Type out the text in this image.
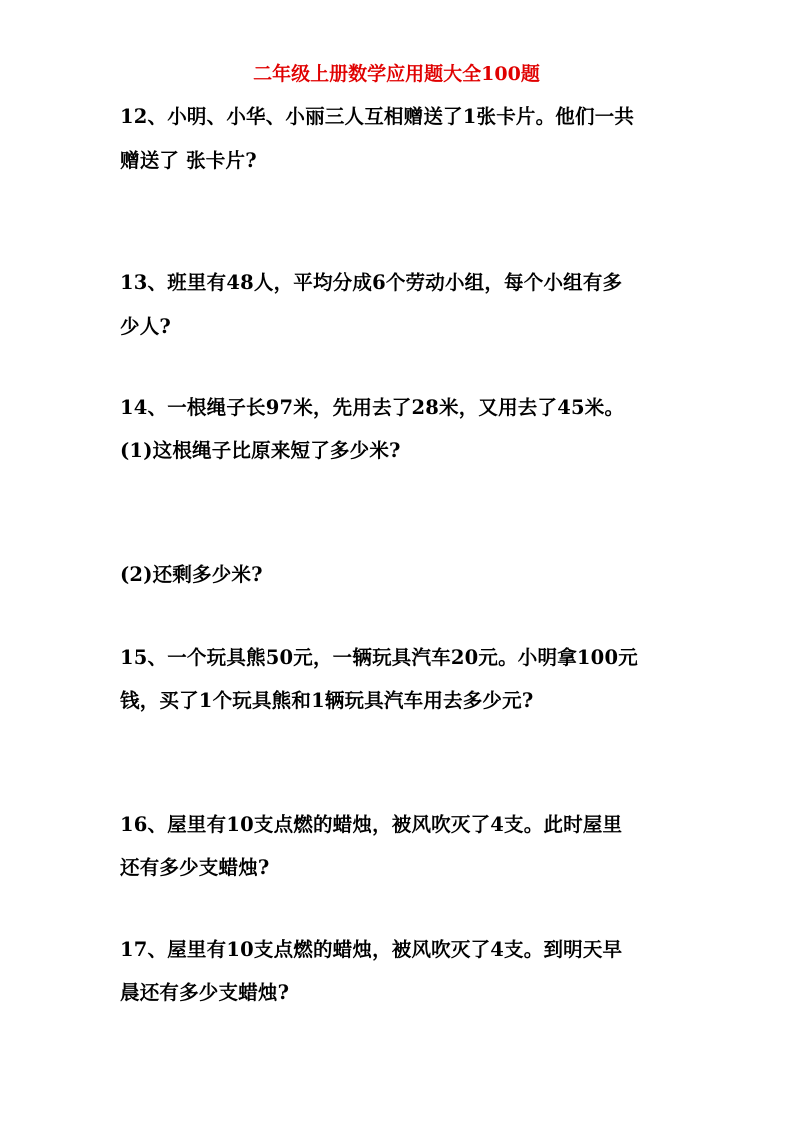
二年级上册数学应用题大全100题
12、小明、小华、小丽三人互相赠送了1张卡片。他们一共
赠送了 张卡片?
13、班里有48人，平均分成6个劳动小组，每个小组有多
少人?
14、一根绳子长97米，先用去了28米，又用去了45米。
(1)这根绳子比原来短了多少米?
(2)还剩多少米?
15、一个玩具熊50元，一辆玩具汽车20元。小明拿100元
钱，买了1个玩具熊和1辆玩具汽车用去多少元?
16、屋里有10支点燃的蜡烛，被风吹灭了4支。此时屋里
还有多少支蜡烛?
17、屋里有10支点燃的蜡烛，被风吹灭了4支。到明天早
晨还有多少支蜡烛?
